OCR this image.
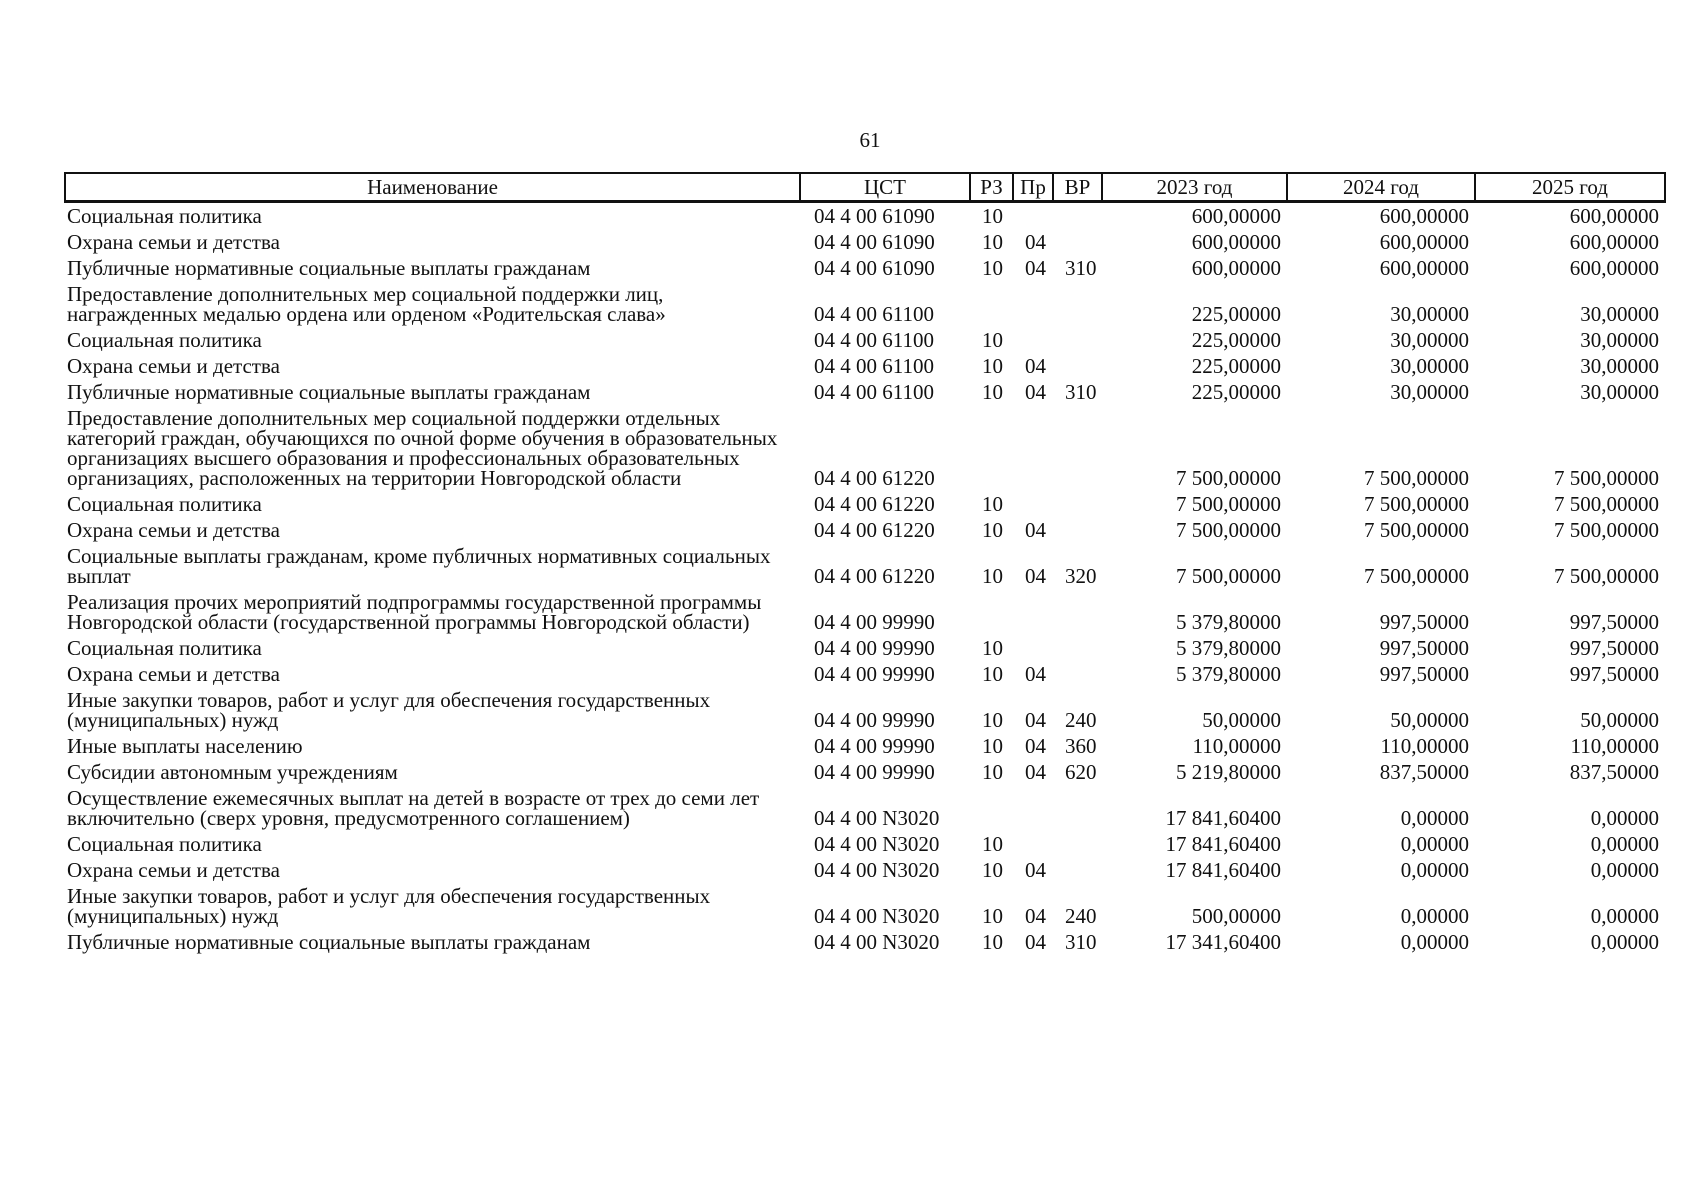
61
Наименование	ЦСТ	РЗ	Пр	ВР	2023 год	2024 год	2025 год
Социальная политика	04 4 00 61090	10			600,00000	600,00000	600,00000
Охрана семьи и детства	04 4 00 61090	10	04		600,00000	600,00000	600,00000
Публичные нормативные социальные выплаты гражданам	04 4 00 61090	10	04	310	600,00000	600,00000	600,00000
Предоставление дополнительных мер социальной поддержки лиц, награжденных медалью ордена или орденом «Родительская слава»	04 4 00 61100				225,00000	30,00000	30,00000
Социальная политика	04 4 00 61100	10			225,00000	30,00000	30,00000
Охрана семьи и детства	04 4 00 61100	10	04		225,00000	30,00000	30,00000
Публичные нормативные социальные выплаты гражданам	04 4 00 61100	10	04	310	225,00000	30,00000	30,00000
Предоставление дополнительных мер социальной поддержки отдельных категорий граждан, обучающихся по очной форме обучения в образовательных организациях высшего образования и профессиональных образовательных организациях, расположенных на территории Новгородской области	04 4 00 61220				7 500,00000	7 500,00000	7 500,00000
Социальная политика	04 4 00 61220	10			7 500,00000	7 500,00000	7 500,00000
Охрана семьи и детства	04 4 00 61220	10	04		7 500,00000	7 500,00000	7 500,00000
Социальные выплаты гражданам, кроме публичных нормативных социальных выплат	04 4 00 61220	10	04	320	7 500,00000	7 500,00000	7 500,00000
Реализация прочих мероприятий подпрограммы государственной программы Новгородской области (государственной программы Новгородской области)	04 4 00 99990				5 379,80000	997,50000	997,50000
Социальная политика	04 4 00 99990	10			5 379,80000	997,50000	997,50000
Охрана семьи и детства	04 4 00 99990	10	04		5 379,80000	997,50000	997,50000
Иные закупки товаров, работ и услуг для обеспечения государственных (муниципальных) нужд	04 4 00 99990	10	04	240	50,00000	50,00000	50,00000
Иные выплаты населению	04 4 00 99990	10	04	360	110,00000	110,00000	110,00000
Субсидии автономным учреждениям	04 4 00 99990	10	04	620	5 219,80000	837,50000	837,50000
Осуществление ежемесячных выплат на детей в возрасте от трех до семи лет включительно (сверх уровня, предусмотренного соглашением)	04 4 00 N3020				17 841,60400	0,00000	0,00000
Социальная политика	04 4 00 N3020	10			17 841,60400	0,00000	0,00000
Охрана семьи и детства	04 4 00 N3020	10	04		17 841,60400	0,00000	0,00000
Иные закупки товаров, работ и услуг для обеспечения государственных (муниципальных) нужд	04 4 00 N3020	10	04	240	500,00000	0,00000	0,00000
Публичные нормативные социальные выплаты гражданам	04 4 00 N3020	10	04	310	17 341,60400	0,00000	0,00000
